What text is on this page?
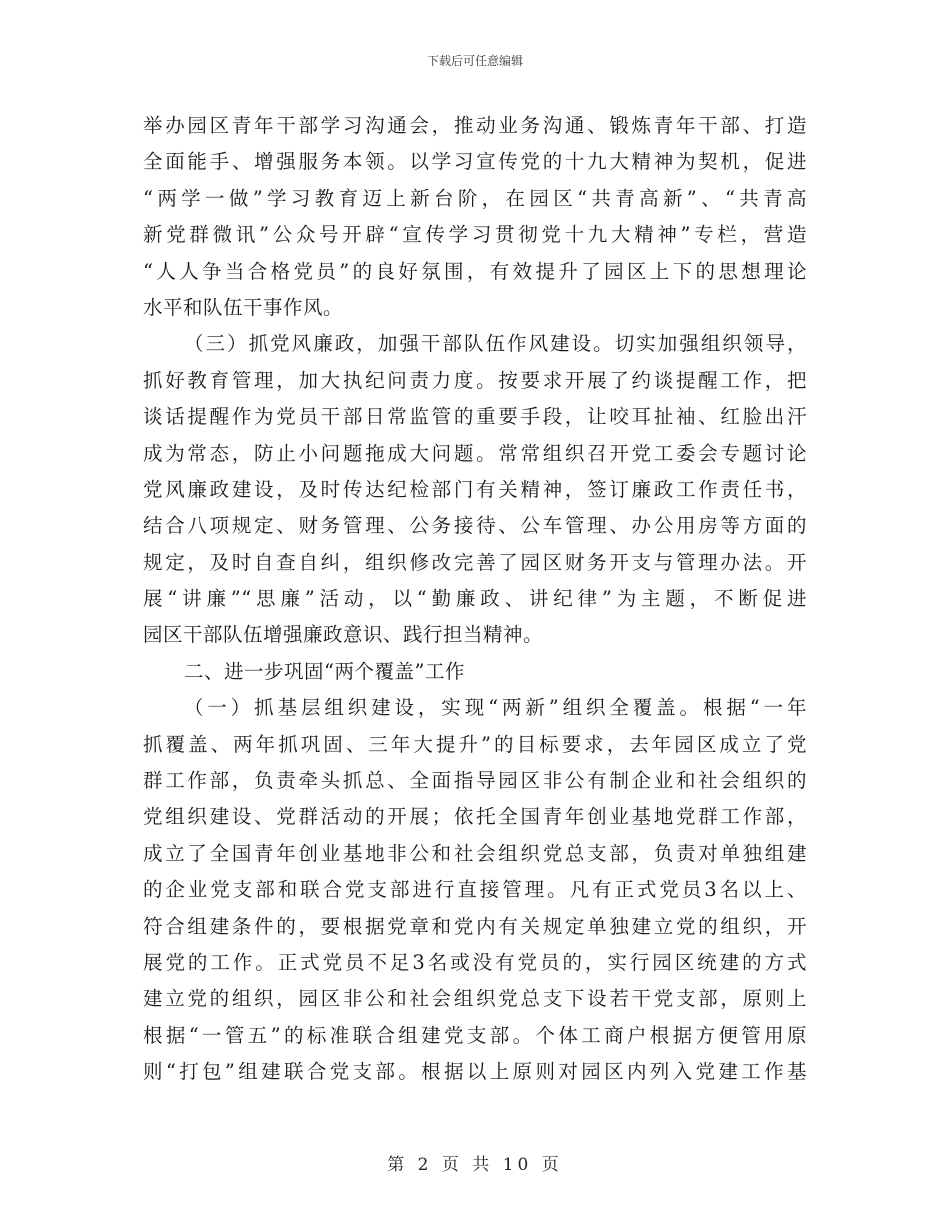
下载后可任意编辑
举办园区青年干部学习沟通会，推动业务沟通、锻炼青年干部、打造
全面能手、增强服务本领。以学习宣传党的十九大精神为契机，促进
“两学一做”学习教育迈上新台阶，在园区“共青高新”、“共青高
新党群微讯”公众号开辟“宣传学习贯彻党十九大精神”专栏，营造
“人人争当合格党员”的良好氛围，有效提升了园区上下的思想理论
水平和队伍干事作风。
（三）抓党风廉政，加强干部队伍作风建设。切实加强组织领导，
抓好教育管理，加大执纪问责力度。按要求开展了约谈提醒工作，把
谈话提醒作为党员干部日常监管的重要手段，让咬耳扯袖、红脸出汗
成为常态，防止小问题拖成大问题。常常组织召开党工委会专题讨论
党风廉政建设，及时传达纪检部门有关精神，签订廉政工作责任书，
结合八项规定、财务管理、公务接待、公车管理、办公用房等方面的
规定，及时自查自纠，组织修改完善了园区财务开支与管理办法。开
展“讲廉”“思廉”活动，以“勤廉政、讲纪律”为主题，不断促进
园区干部队伍增强廉政意识、践行担当精神。
二、进一步巩固“两个覆盖”工作
（一）抓基层组织建设，实现“两新”组织全覆盖。根据“一年
抓覆盖、两年抓巩固、三年大提升”的目标要求，去年园区成立了党
群工作部，负责牵头抓总、全面指导园区非公有制企业和社会组织的
党组织建设、党群活动的开展；依托全国青年创业基地党群工作部，
成立了全国青年创业基地非公和社会组织党总支部，负责对单独组建
的企业党支部和联合党支部进行直接管理。凡有正式党员3名以上、
符合组建条件的，要根据党章和党内有关规定单独建立党的组织，开
展党的工作。正式党员不足3名或没有党员的，实行园区统建的方式
建立党的组织，园区非公和社会组织党总支下设若干党支部，原则上
根据“一管五”的标准联合组建党支部。个体工商户根据方便管用原
则“打包”组建联合党支部。根据以上原则对园区内列入党建工作基
第 2 页 共 10 页
